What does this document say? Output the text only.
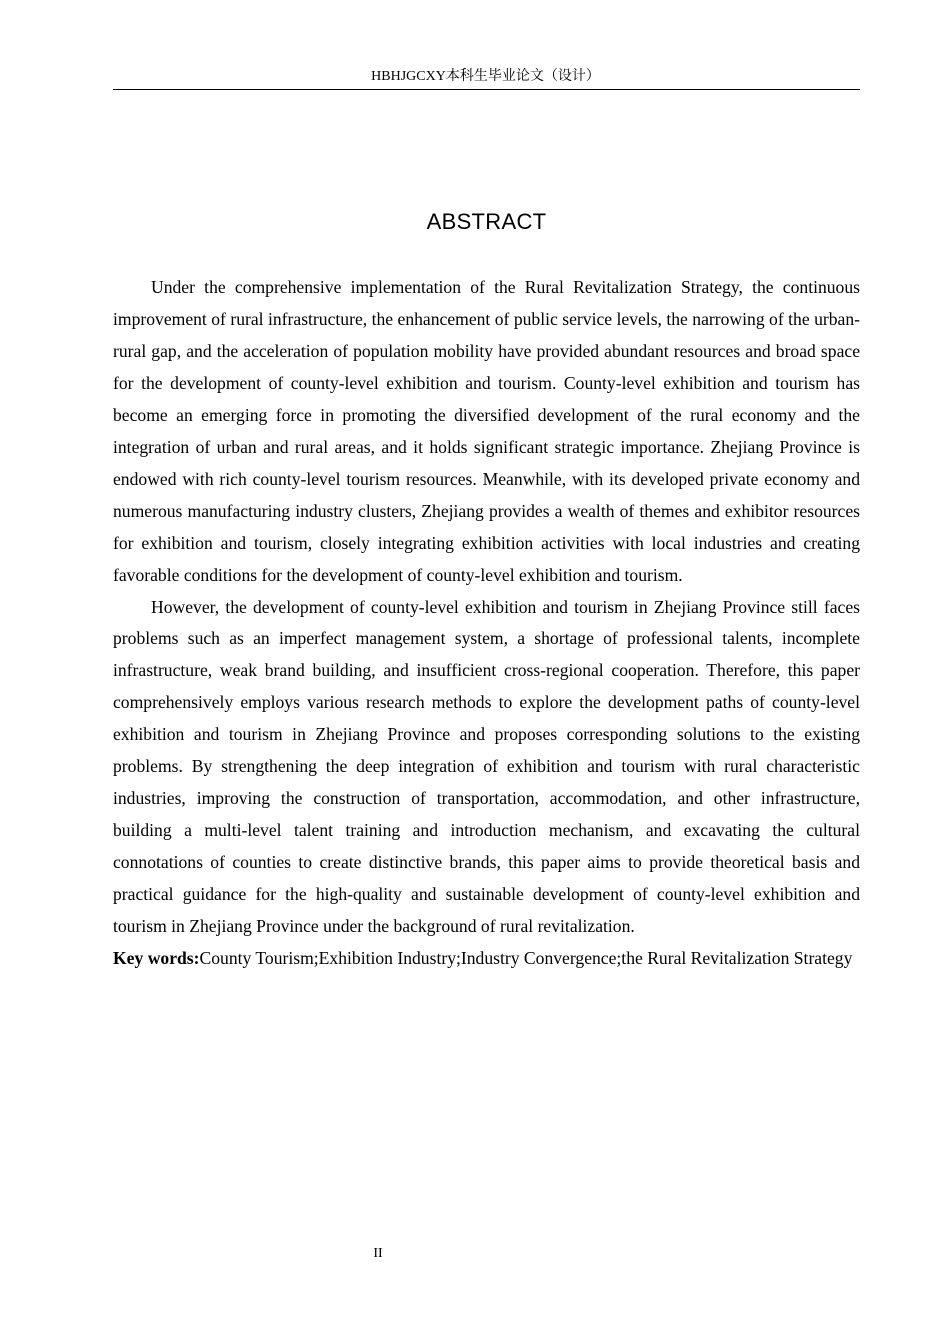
HBHJGCXY本科生毕业论文（设计）
ABSTRACT

Under the comprehensive implementation of the Rural Revitalization Strategy, the continuous improvement of rural infrastructure, the enhancement of public service levels, the narrowing of the urban-rural gap, and the acceleration of population mobility have provided abundant resources and broad space for the development of county-level exhibition and tourism. County-level exhibition and tourism has become an emerging force in promoting the diversified development of the rural economy and the integration of urban and rural areas, and it holds significant strategic importance. Zhejiang Province is endowed with rich county-level tourism resources. Meanwhile, with its developed private economy and numerous manufacturing industry clusters, Zhejiang provides a wealth of themes and exhibitor resources for exhibition and tourism, closely integrating exhibition activities with local industries and creating favorable conditions for the development of county-level exhibition and tourism.

However, the development of county-level exhibition and tourism in Zhejiang Province still faces problems such as an imperfect management system, a shortage of professional talents, incomplete infrastructure, weak brand building, and insufficient cross-regional cooperation. Therefore, this paper comprehensively employs various research methods to explore the development paths of county-level exhibition and tourism in Zhejiang Province and proposes corresponding solutions to the existing problems. By strengthening the deep integration of exhibition and tourism with rural characteristic industries, improving the construction of transportation, accommodation, and other infrastructure, building a multi-level talent training and introduction mechanism, and excavating the cultural connotations of counties to create distinctive brands, this paper aims to provide theoretical basis and practical guidance for the high-quality and sustainable development of county-level exhibition and tourism in Zhejiang Province under the background of rural revitalization.

Key words:County Tourism;Exhibition Industry;Industry Convergence;the Rural Revitalization Strategy

II
